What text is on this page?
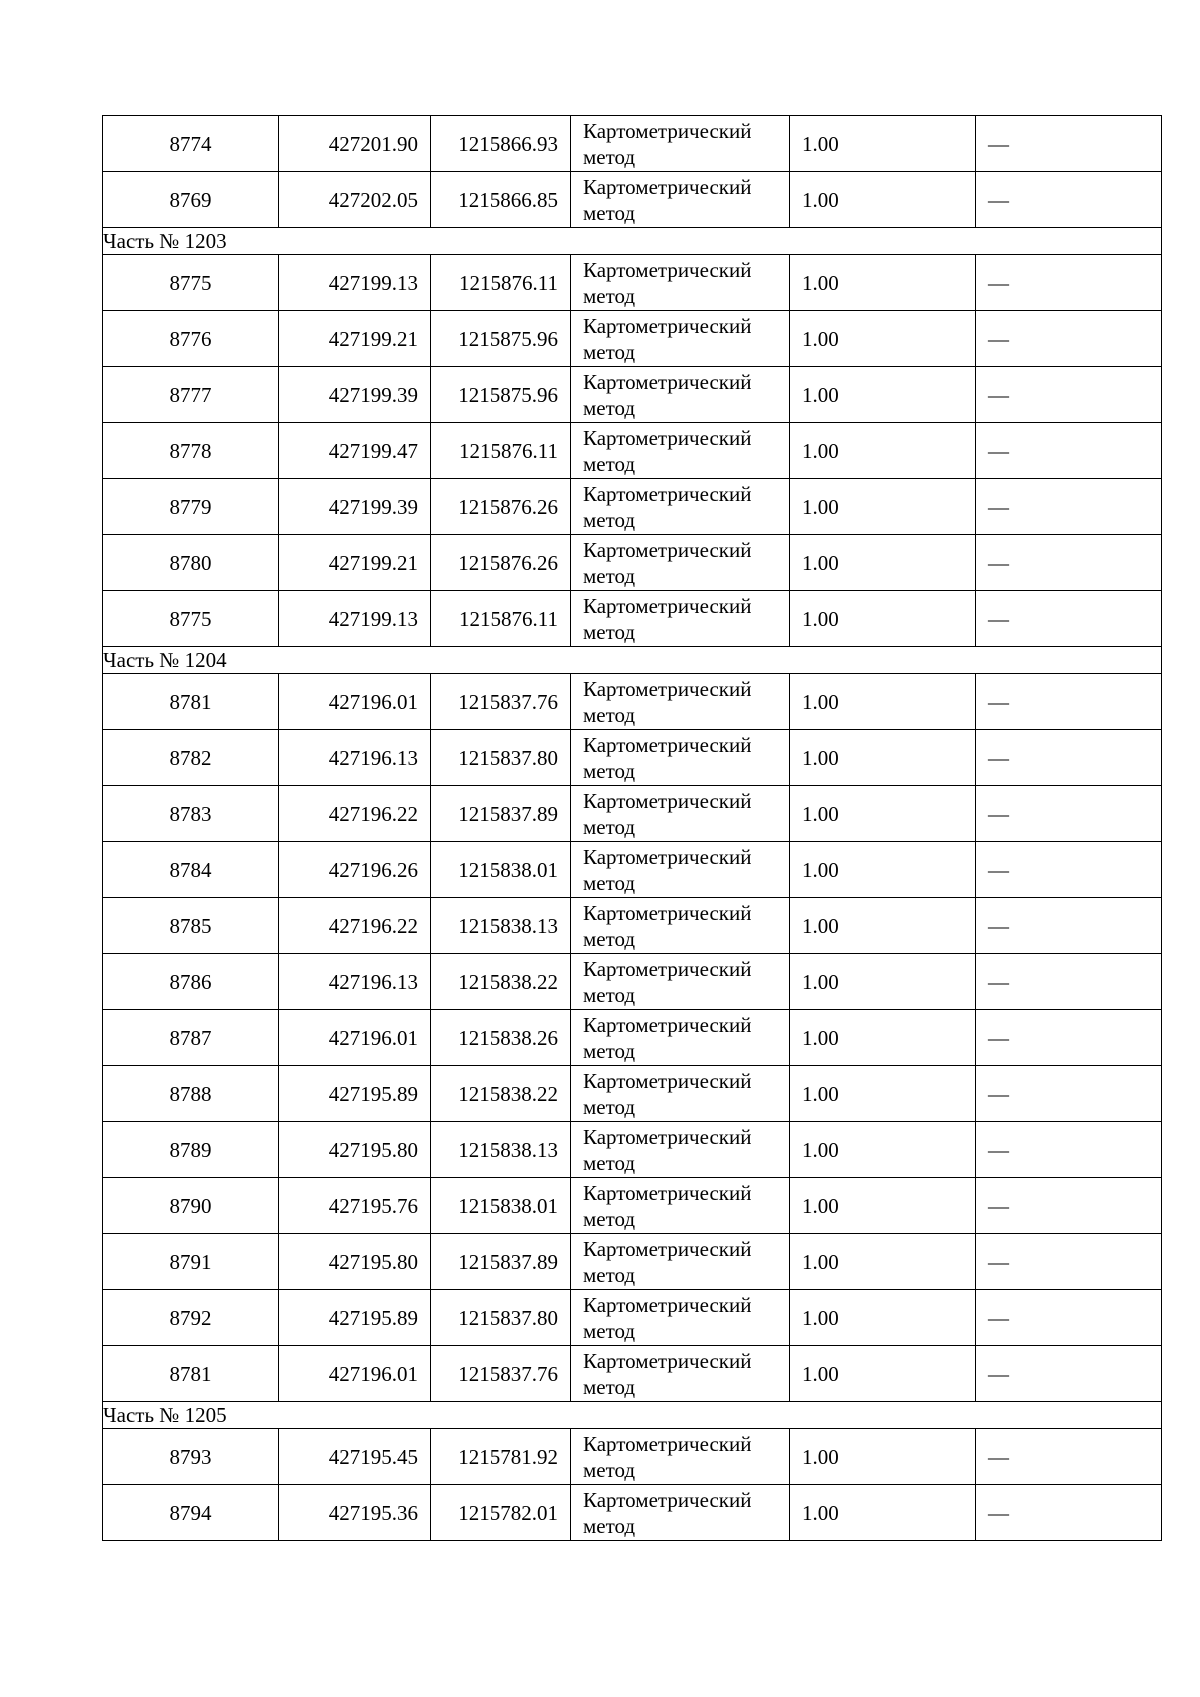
8774	427201.90	1215866.93	Картометрический
метод	1.00	—
8769	427202.05	1215866.85	Картометрический
метод	1.00	—
Часть № 1203					
8775	427199.13	1215876.11	Картометрический
метод	1.00	—
8776	427199.21	1215875.96	Картометрический
метод	1.00	—
8777	427199.39	1215875.96	Картометрический
метод	1.00	—
8778	427199.47	1215876.11	Картометрический
метод	1.00	—
8779	427199.39	1215876.26	Картометрический
метод	1.00	—
8780	427199.21	1215876.26	Картометрический
метод	1.00	—
8775	427199.13	1215876.11	Картометрический
метод	1.00	—
Часть № 1204					
8781	427196.01	1215837.76	Картометрический
метод	1.00	—
8782	427196.13	1215837.80	Картометрический
метод	1.00	—
8783	427196.22	1215837.89	Картометрический
метод	1.00	—
8784	427196.26	1215838.01	Картометрический
метод	1.00	—
8785	427196.22	1215838.13	Картометрический
метод	1.00	—
8786	427196.13	1215838.22	Картометрический
метод	1.00	—
8787	427196.01	1215838.26	Картометрический
метод	1.00	—
8788	427195.89	1215838.22	Картометрический
метод	1.00	—
8789	427195.80	1215838.13	Картометрический
метод	1.00	—
8790	427195.76	1215838.01	Картометрический
метод	1.00	—
8791	427195.80	1215837.89	Картометрический
метод	1.00	—
8792	427195.89	1215837.80	Картометрический
метод	1.00	—
8781	427196.01	1215837.76	Картометрический
метод	1.00	—
Часть № 1205					
8793	427195.45	1215781.92	Картометрический
метод	1.00	—
8794	427195.36	1215782.01	Картометрический
метод	1.00	—
